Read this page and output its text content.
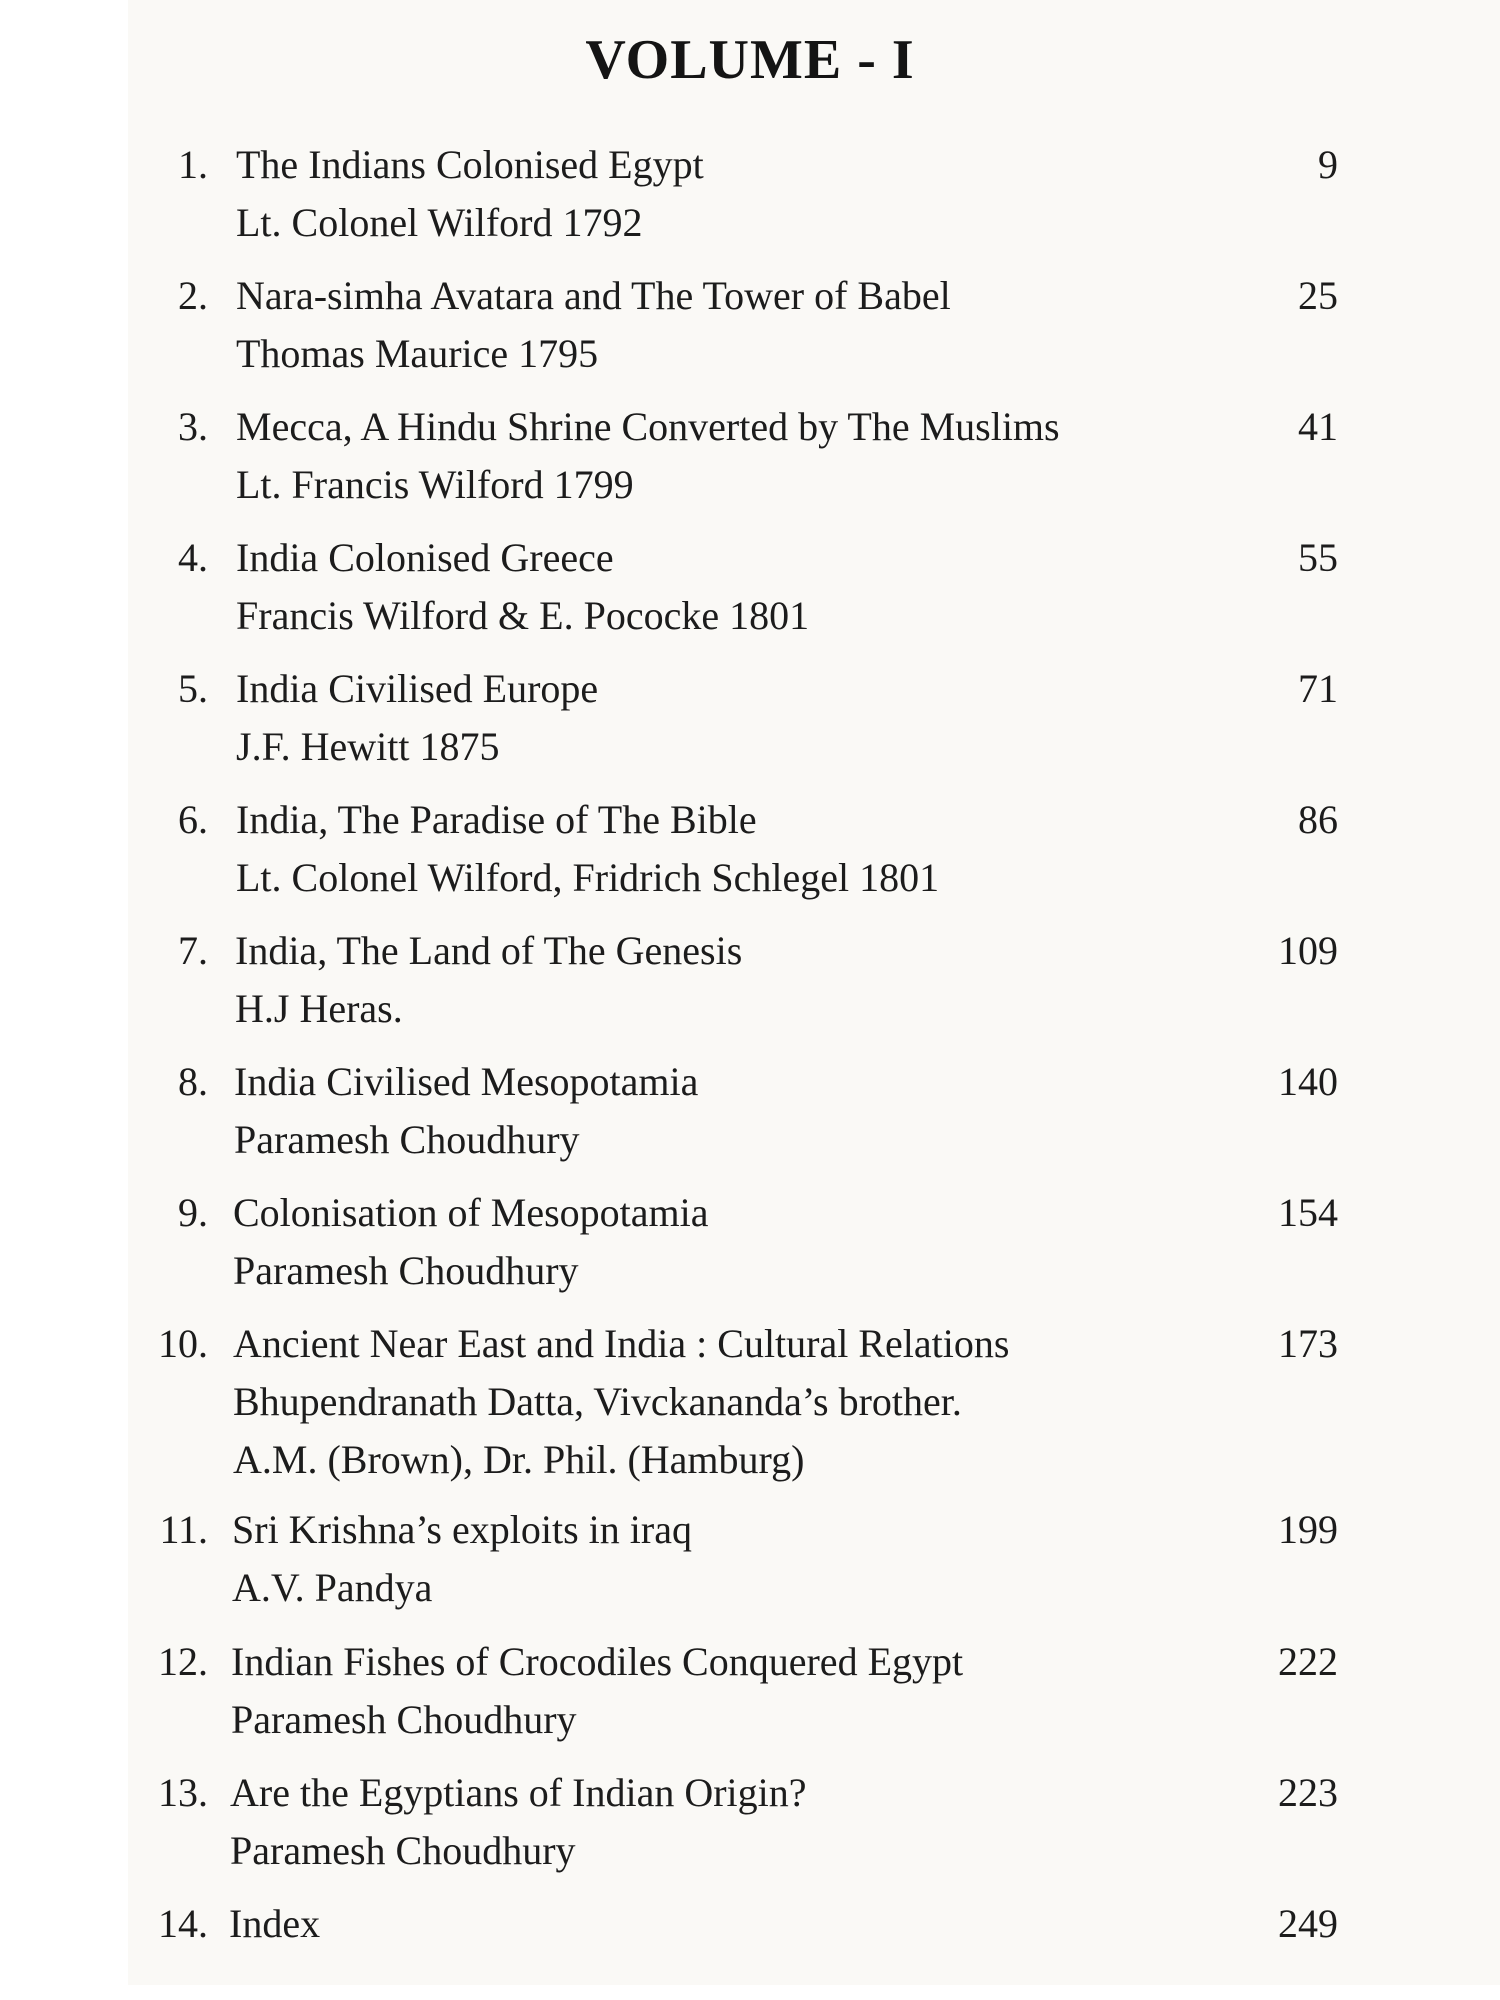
VOLUME - I
1. The Indians Colonised Egypt
Lt. Colonel Wilford 1792
9
2. Nara-simha Avatara and The Tower of Babel
Thomas Maurice 1795
25
3. Mecca, A Hindu Shrine Converted by The Muslims
Lt. Francis Wilford 1799
41
4. India Colonised Greece
Francis Wilford & E. Pococke 1801
55
5. India Civilised Europe
J.F. Hewitt 1875
71
6. India, The Paradise of The Bible
Lt. Colonel Wilford, Fridrich Schlegel 1801
86
7. India, The Land of The Genesis
H.J Heras.
109
8. India Civilised Mesopotamia
Paramesh Choudhury
140
9. Colonisation of Mesopotamia
Paramesh Choudhury
154
10. Ancient Near East and India : Cultural Relations
Bhupendranath Datta, Vivckananda’s brother.
A.M. (Brown), Dr. Phil. (Hamburg)
173
11. Sri Krishna’s exploits in iraq
A.V. Pandya
199
12. Indian Fishes of Crocodiles Conquered Egypt
Paramesh Choudhury
222
13. Are the Egyptians of Indian Origin?
Paramesh Choudhury
223
14. Index	249
